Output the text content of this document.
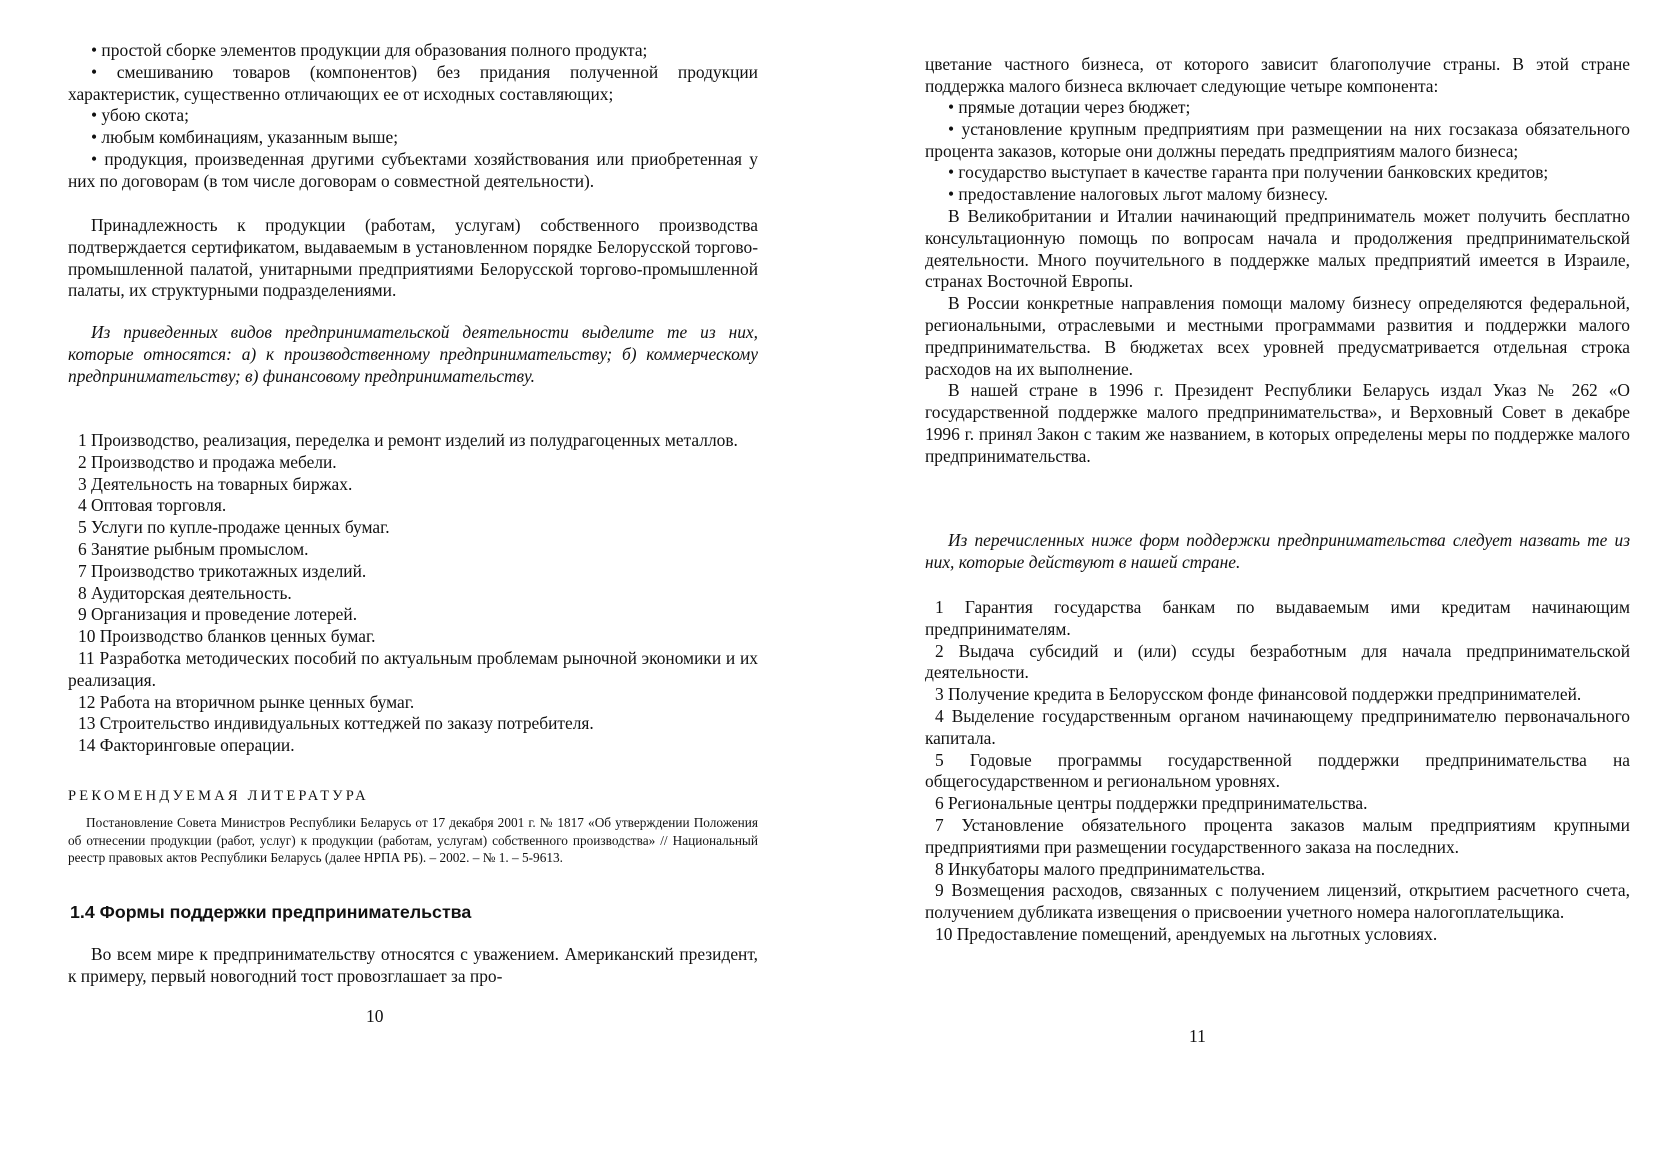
• простой сборке элементов продукции для образования полного продукта;

• смешиванию товаров (компонентов) без придания полученной продукции характеристик, существенно отличающих ее от исходных составляющих;

• убою скота;

• любым комбинациям, указанным выше;

• продукция, произведенная другими субъектами хозяйствования или приобретенная у них по договорам (в том числе договорам о совместной деятельности).

Принадлежность к продукции (работам, услугам) собственного производства подтверждается сертификатом, выдаваемым в установленном порядке Белорусской торгово-промышленной палатой, унитарными предприятиями Белорусской торгово-промышленной палаты, их структурными подразделениями.

Из приведенных видов предпринимательской деятельности выделите те из них, которые относятся: а) к производственному предпринимательству; б) коммерческому предпринимательству; в) финансовому предпринимательству.

1 Производство, реализация, переделка и ремонт изделий из полудрагоценных металлов.
2 Производство и продажа мебели.
3 Деятельность на товарных биржах.
4 Оптовая торговля.
5 Услуги по купле-продаже ценных бумаг.
6 Занятие рыбным промыслом.
7 Производство трикотажных изделий.
8 Аудиторская деятельность.
9 Организация и проведение лотерей.
10 Производство бланков ценных бумаг.
11 Разработка методических пособий по актуальным проблемам рыночной экономики и их реализация.
12 Работа на вторичном рынке ценных бумаг.
13 Строительство индивидуальных коттеджей по заказу потребителя.
14 Факторинговые операции.
РЕКОМЕНДУЕМАЯ ЛИТЕРАТУРА

Постановление Совета Министров Республики Беларусь от 17 декабря 2001 г. № 1817 «Об утверждении Положения об отнесении продукции (работ, услуг) к продукции (работам, услугам) собственного производства» // Национальный реестр правовых актов Республики Беларусь (далее НРПА РБ). – 2002. – № 1. – 5-9613.

1.4 Формы поддержки предпринимательства

Во всем мире к предпринимательству относятся с уважением. Американский президент, к примеру, первый новогодний тост провозглашает за про-

10

цветание частного бизнеса, от которого зависит благополучие страны. В этой стране поддержка малого бизнеса включает следующие четыре компонента:

• прямые дотации через бюджет;

• установление крупным предприятиям при размещении на них госзаказа обязательного процента заказов, которые они должны передать предприятиям малого бизнеса;

• государство выступает в качестве гаранта при получении банковских кредитов;

• предоставление налоговых льгот малому бизнесу.

В Великобритании и Италии начинающий предприниматель может получить бесплатно консультационную помощь по вопросам начала и продолжения предпринимательской деятельности. Много поучительного в поддержке малых предприятий имеется в Израиле, странах Восточной Европы.

В России конкретные направления помощи малому бизнесу определяются федеральной, региональными, отраслевыми и местными программами развития и поддержки малого предпринимательства. В бюджетах всех уровней предусматривается отдельная строка расходов на их выполнение.

В нашей стране в 1996 г. Президент Республики Беларусь издал Указ № 262 «О государственной поддержке малого предпринимательства», и Верховный Совет в декабре 1996 г. принял Закон с таким же названием, в которых определены меры по поддержке малого предпринимательства.

Из перечисленных ниже форм поддержки предпринимательства следует назвать те из них, которые действуют в нашей стране.

1 Гарантия государства банкам по выдаваемым ими кредитам начинающим предпринимателям.
2 Выдача субсидий и (или) ссуды безработным для начала предпринимательской деятельности.
3 Получение кредита в Белорусском фонде финансовой поддержки предпринимателей.
4 Выделение государственным органом начинающему предпринимателю первоначального капитала.
5 Годовые программы государственной поддержки предпринимательства на общегосударственном и региональном уровнях.
6 Региональные центры поддержки предпринимательства.
7 Установление обязательного процента заказов малым предприятиям крупными предприятиями при размещении государственного заказа на последних.
8 Инкубаторы малого предпринимательства.
9 Возмещения расходов, связанных с получением лицензий, открытием расчетного счета, получением дубликата извещения о присвоении учетного номера налогоплательщика.
10 Предоставление помещений, арендуемых на льготных условиях.
11
